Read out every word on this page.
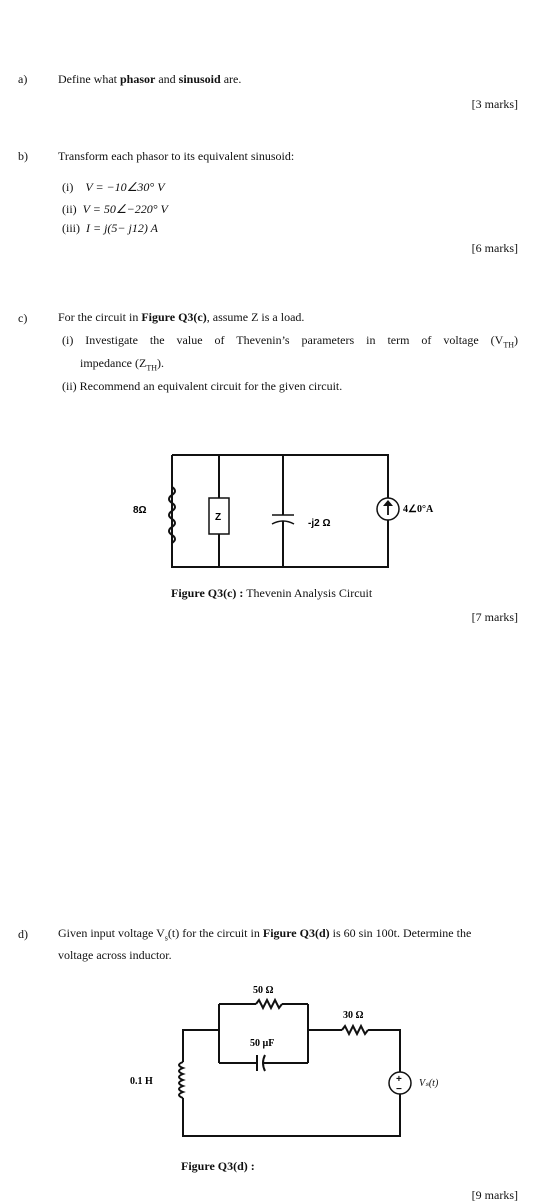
a)	Define what phasor and sinusoid are.
[3 marks]
b)	Transform each phasor to its equivalent sinusoid:
(i) V = −10∠30° V
(ii) V = 50∠−220° V
(iii) I = j(5− j12) A
[6 marks]
c)	For the circuit in Figure Q3(c), assume Z is a load.
(i) Investigate the value of Thevenin’s parameters in term of voltage $(V_{TH})$
impedance $(Z_{TH})$.
(ii) Recommend an equivalent circuit for the given circuit.
8Ω
Z
-j2 Ω
4∠0°A
Figure Q3(c) : Thevenin Analysis Circuit
[7 marks]
d)	Given input voltage $V_s(t)$ for the circuit in Figure Q3(d) is 60 sin 100t. Determine the
voltage across inductor.
+
−
50 Ω
30 Ω
50 µF
0.1 H	Vₛ(t)
Figure Q3(d) :
[9 marks]
